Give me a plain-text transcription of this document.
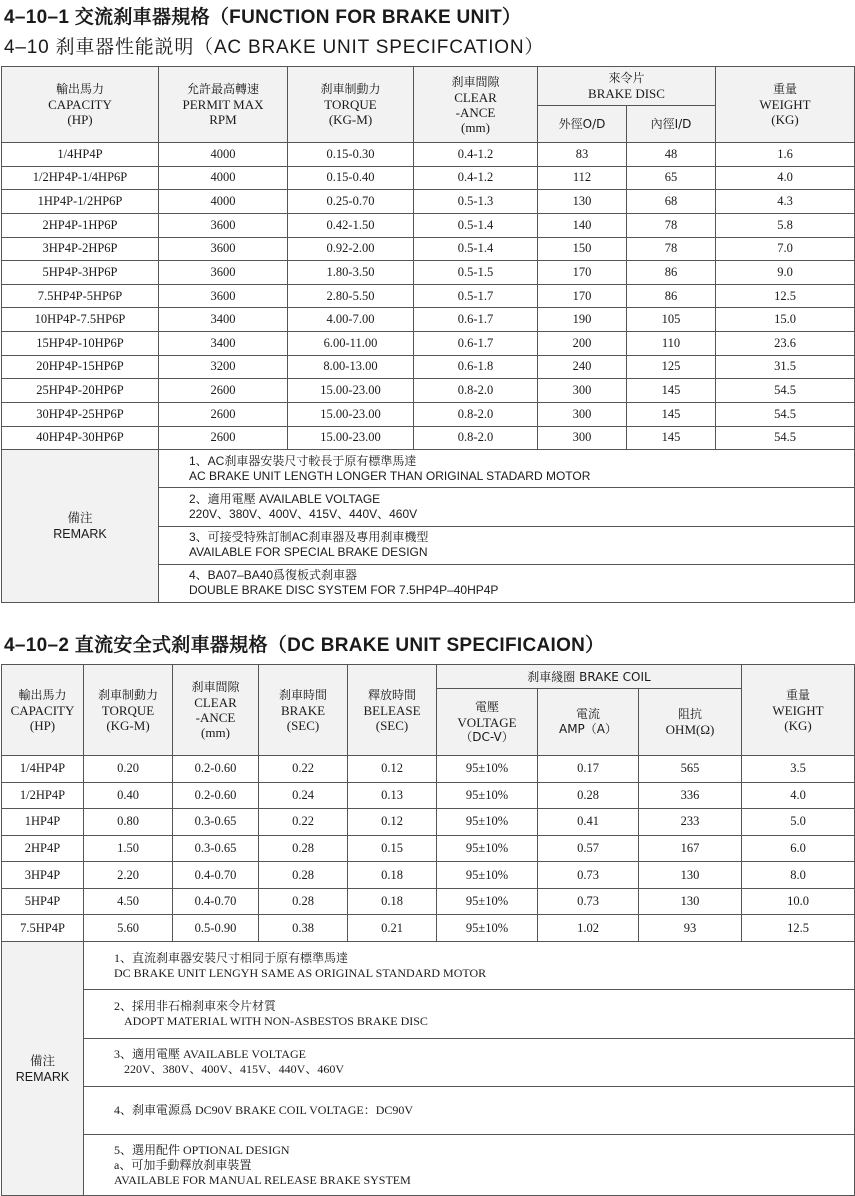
4–10–1 交流刹車器規格（FUNCTION FOR BRAKE UNIT）
4–10 刹車器性能説明（AC BRAKE UNIT SPECIFCATION）
輸出馬力
CAPACITY
(HP)	允許最高轉速
PERMIT MAX
RPM	刹車制動力
TORQUE
(KG-M)	刹車間隙
CLEAR
-ANCE
(mm)	來令片
BRAKE DISC		重量
WEIGHT
(KG)

				外徑O/D	內徑I/D	
1/4HP4P	4000	0.15-0.30	0.4-1.2	83	48	1.6
1/2HP4P-1/4HP6P	4000	0.15-0.40	0.4-1.2	112	65	4.0
1HP4P-1/2HP6P	4000	0.25-0.70	0.5-1.3	130	68	4.3
2HP4P-1HP6P	3600	0.42-1.50	0.5-1.4	140	78	5.8
3HP4P-2HP6P	3600	0.92-2.00	0.5-1.4	150	78	7.0
5HP4P-3HP6P	3600	1.80-3.50	0.5-1.5	170	86	9.0
7.5HP4P-5HP6P	3600	2.80-5.50	0.5-1.7	170	86	12.5
10HP4P-7.5HP6P	3400	4.00-7.00	0.6-1.7	190	105	15.0
15HP4P-10HP6P	3400	6.00-11.00	0.6-1.7	200	110	23.6
20HP4P-15HP6P	3200	8.00-13.00	0.6-1.8	240	125	31.5
25HP4P-20HP6P	2600	15.00-23.00	0.8-2.0	300	145	54.5
30HP4P-25HP6P	2600	15.00-23.00	0.8-2.0	300	145	54.5
40HP4P-30HP6P	2600	15.00-23.00	0.8-2.0	300	145	54.5

備注
REMARK	1、AC刹車器安裝尺寸較長于原有標準馬達
AC BRAKE UNIT LENGTH LONGER THAN ORIGINAL STADARD MOTOR					

	2、適用電壓 AVAILABLE VOLTAGE
220V、380V、400V、415V、440V、460V					

	3、可接受特殊訂制AC刹車器及專用刹車機型
AVAILABLE FOR SPECIAL BRAKE DESIGN					

	4、BA07–BA40爲復板式刹車器
DOUBLE BRAKE DISC SYSTEM FOR 7.5HP4P–40HP4P					
4–10–2 直流安全式刹車器規格（DC BRAKE UNIT SPECIFICAION）
輸出馬力
CAPACITY
(HP)	刹車制動力
TORQUE
(KG-M)	刹車間隙
CLEAR
-ANCE
(mm)	刹車時間
BRAKE
(SEC)	釋放時間
BELEASE
(SEC)	刹車綫圈 BRAKE COIL			重量
WEIGHT
(KG)

					電壓
VOLTAGE
（DC-V）	電流
AMP（A）	阻抗
OHM(Ω)	

1/4HP4P	0.20	0.2-0.60	0.22	0.12	95±10%	0.17	565	3.5
1/2HP4P	0.40	0.2-0.60	0.24	0.13	95±10%	0.28	336	4.0
1HP4P	0.80	0.3-0.65	0.22	0.12	95±10%	0.41	233	5.0
2HP4P	1.50	0.3-0.65	0.28	0.15	95±10%	0.57	167	6.0
3HP4P	2.20	0.4-0.70	0.28	0.18	95±10%	0.73	130	8.0
5HP4P	4.50	0.4-0.70	0.28	0.18	95±10%	0.73	130	10.0
7.5HP4P	5.60	0.5-0.90	0.38	0.21	95±10%	1.02	93	12.5

備注
REMARK	1、直流刹車器安裝尺寸相同于原有標準馬達
DC BRAKE UNIT LENGYH SAME AS ORIGINAL STANDARD MOTOR							

	2、採用非石棉刹車來令片材質
ADOPT MATERIAL WITH NON-ASBESTOS BRAKE DISC							

	3、適用電壓 AVAILABLE VOLTAGE
220V、380V、400V、415V、440V、460V							

	4、刹車電源爲 DC90V BRAKE COIL VOLTAGE：DC90V							

	5、選用配件 OPTIONAL DESIGN
a、可加手動釋放刹車裝置
AVAILABLE FOR MANUAL RELEASE BRAKE SYSTEM							
